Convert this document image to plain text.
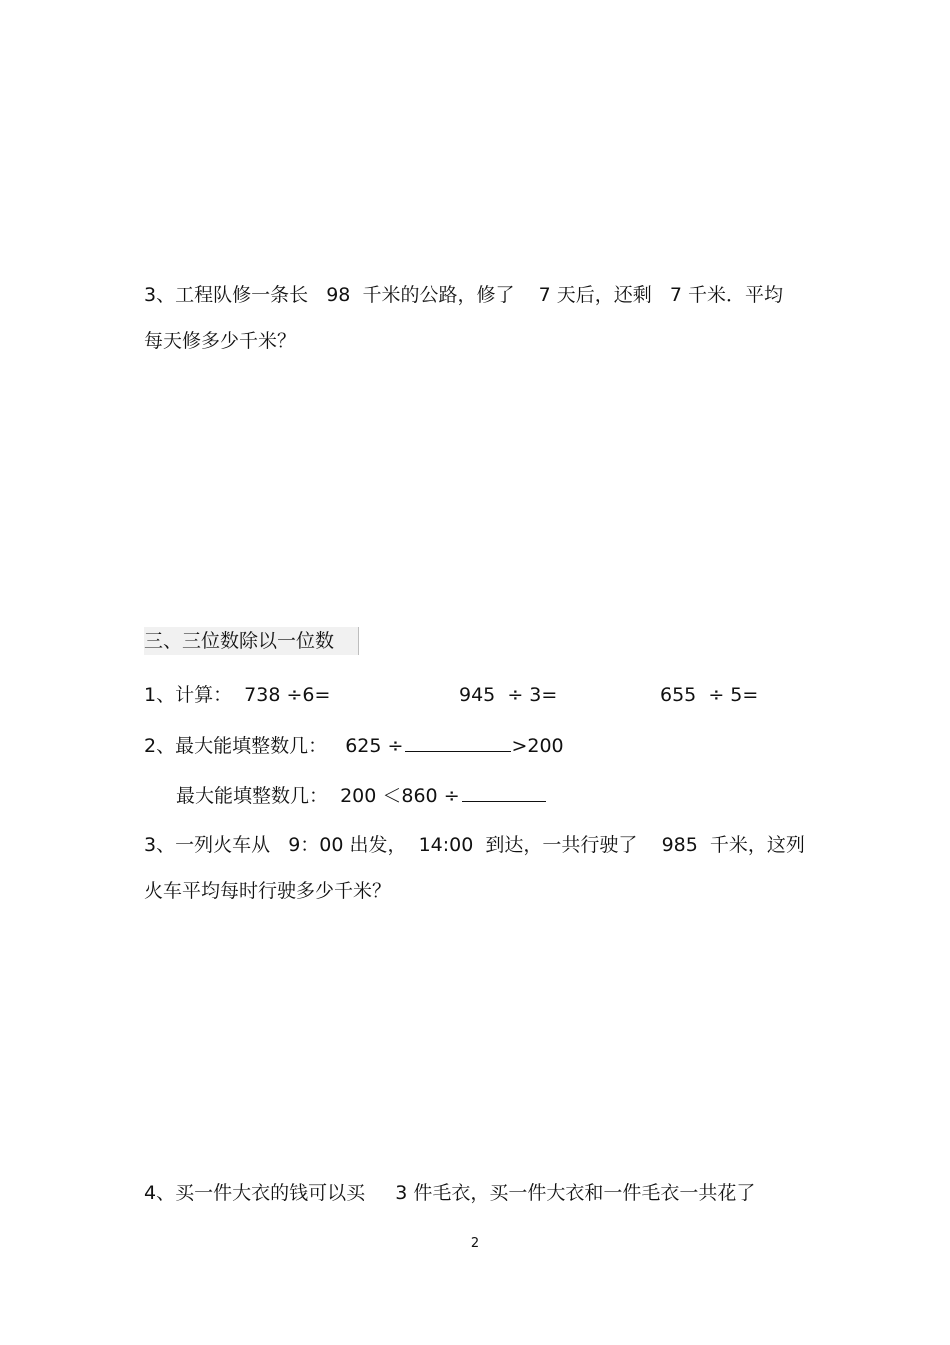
3、工程队修一条长   98  千米的公路，修了    7 天后，还剩   7 千米．平均
每天修多少千米？
三、三位数除以一位数
1、计算：  738 ÷6=	945  ÷ 3=	655  ÷ 5=
2、最大能填整数几：   625 ÷	>200
最大能填整数几：  200 ＜860 ÷
3、一列火车从   9：00 出发，  14:00  到达，一共行驶了    985  千米，这列
火车平均每时行驶多少千米？
4、买一件大衣的钱可以买     3 件毛衣，买一件大衣和一件毛衣一共花了
2
